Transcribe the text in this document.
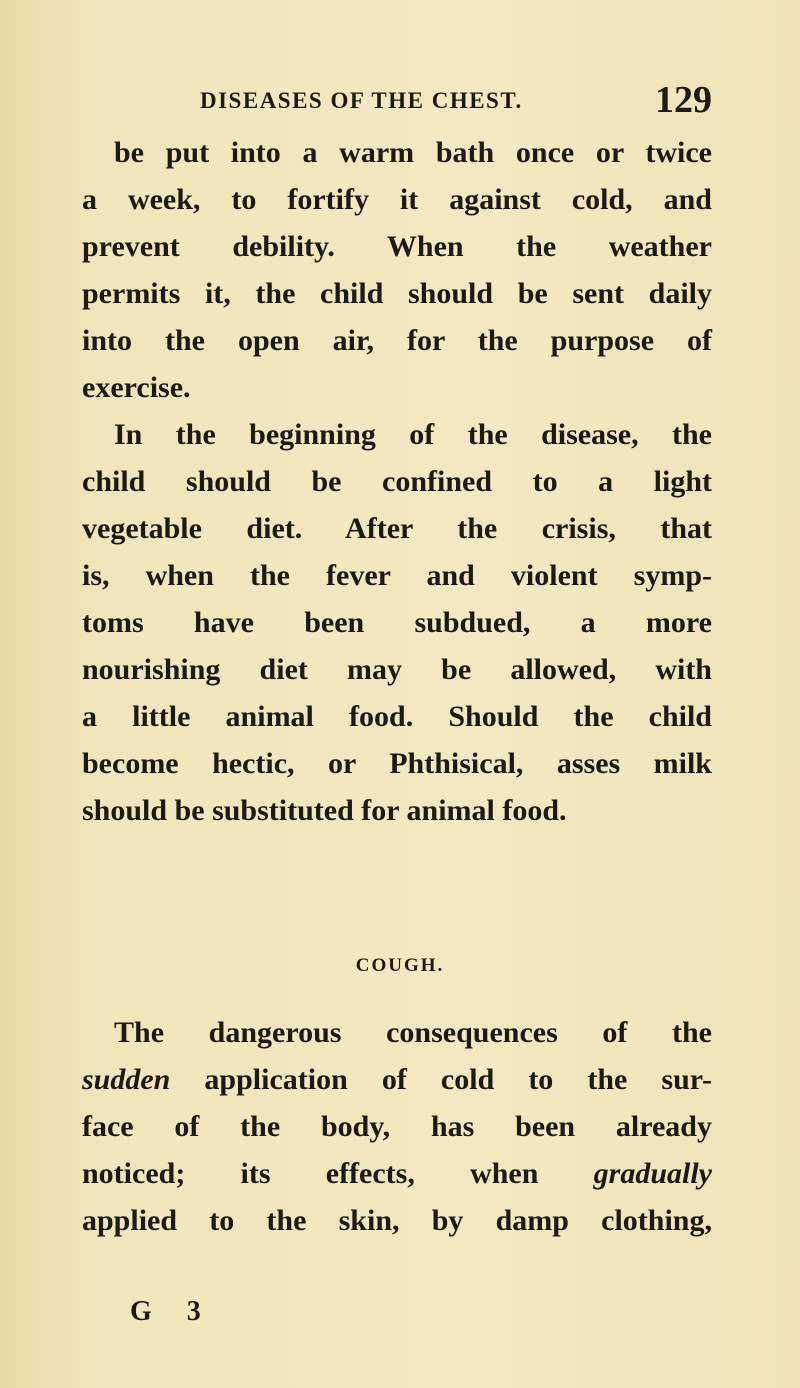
DISEASES OF THE CHEST.	129
be put into a warm bath once or twice
a week, to fortify it against cold, and
prevent debility. When the weather
permits it, the child should be sent daily
into the open air, for the purpose of
exercise.
In the beginning of the disease, the
child should be confined to a light
vegetable diet. After the crisis, that
is, when the fever and violent symp-
toms have been subdued, a more
nourishing diet may be allowed, with
a little animal food. Should the child
become hectic, or Phthisical, asses milk
should be substituted for animal food.
The dangerous consequences of the
sudden application of cold to the sur-
face of the body, has been already
noticed; its effects, when gradually
applied to the skin, by damp clothing,
COUGH.
G 3
